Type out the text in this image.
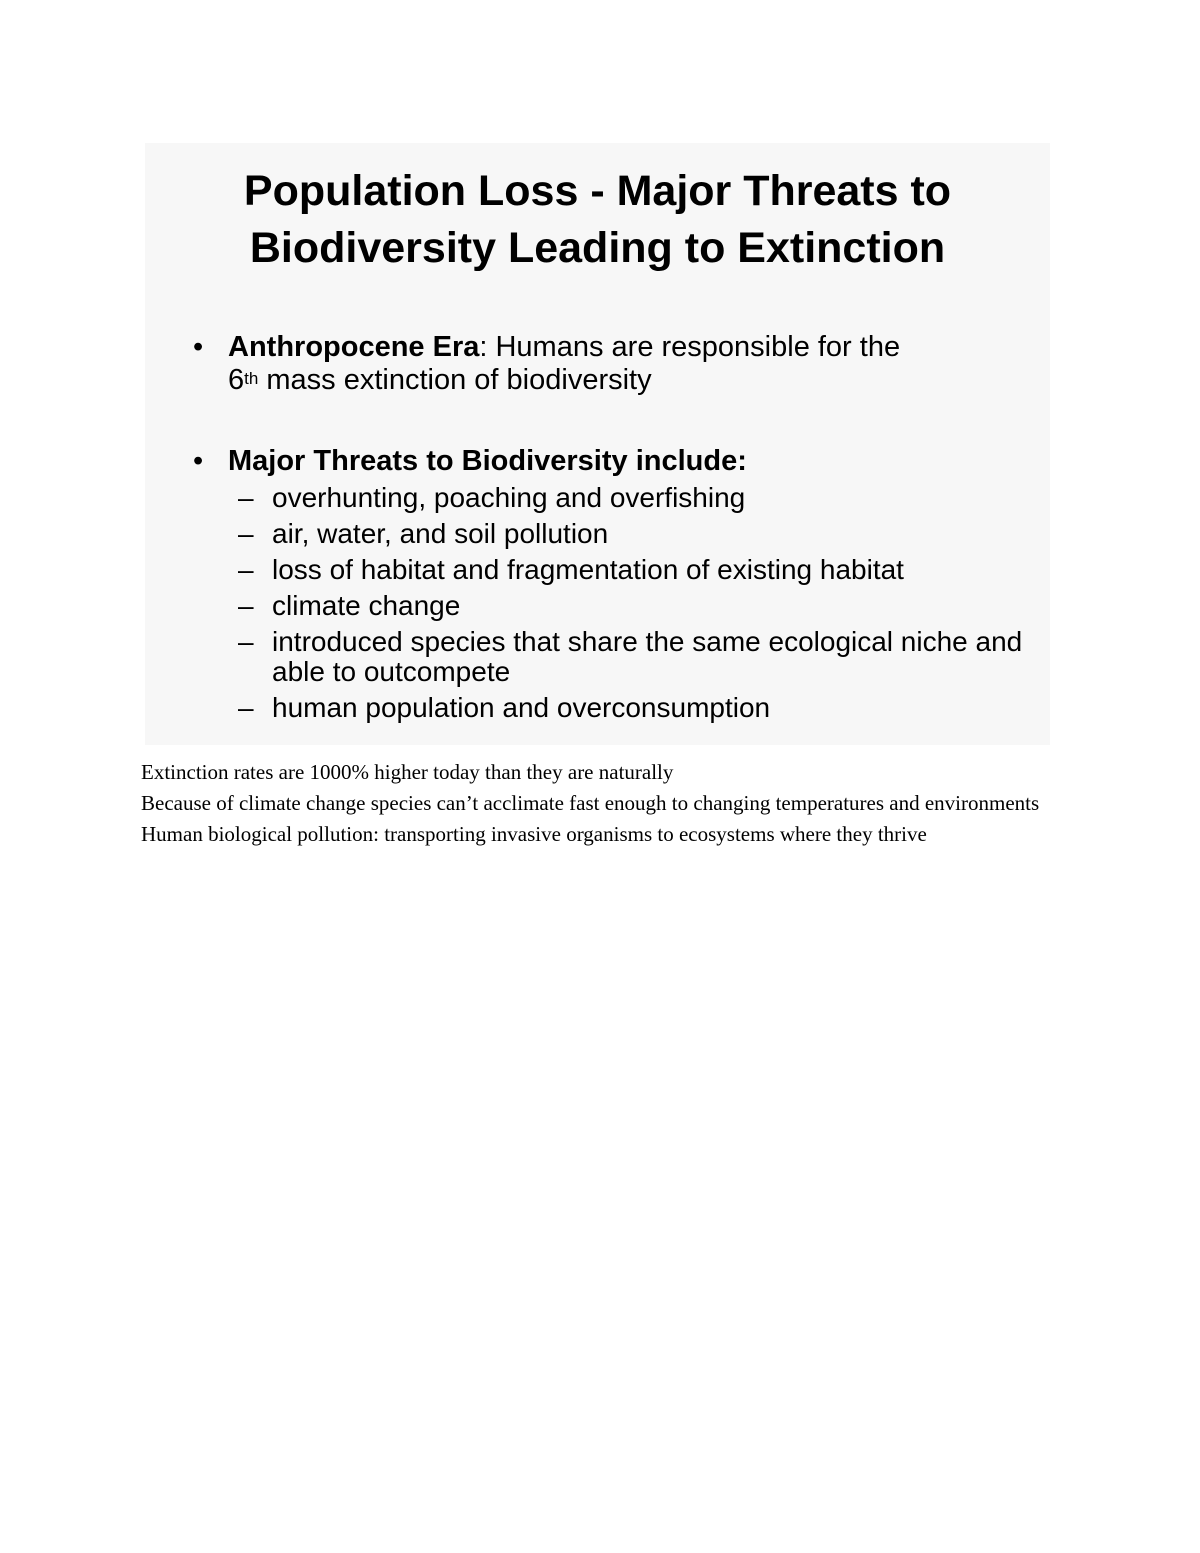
Population Loss - Major Threats to
Biodiversity Leading to Extinction
• Anthropocene Era: Humans are responsible for the
6th mass extinction of biodiversity
• Major Threats to Biodiversity include:
– overhunting, poaching and overfishing
– air, water, and soil pollution
– loss of habitat and fragmentation of existing habitat
– climate change
– introduced species that share the same ecological niche and able to outcompete
– human population and overconsumption

Extinction rates are 1000% higher today than they are naturally

Because of climate change species can’t acclimate fast enough to changing temperatures and environments

Human biological pollution: transporting invasive organisms to ecosystems where they thrive
